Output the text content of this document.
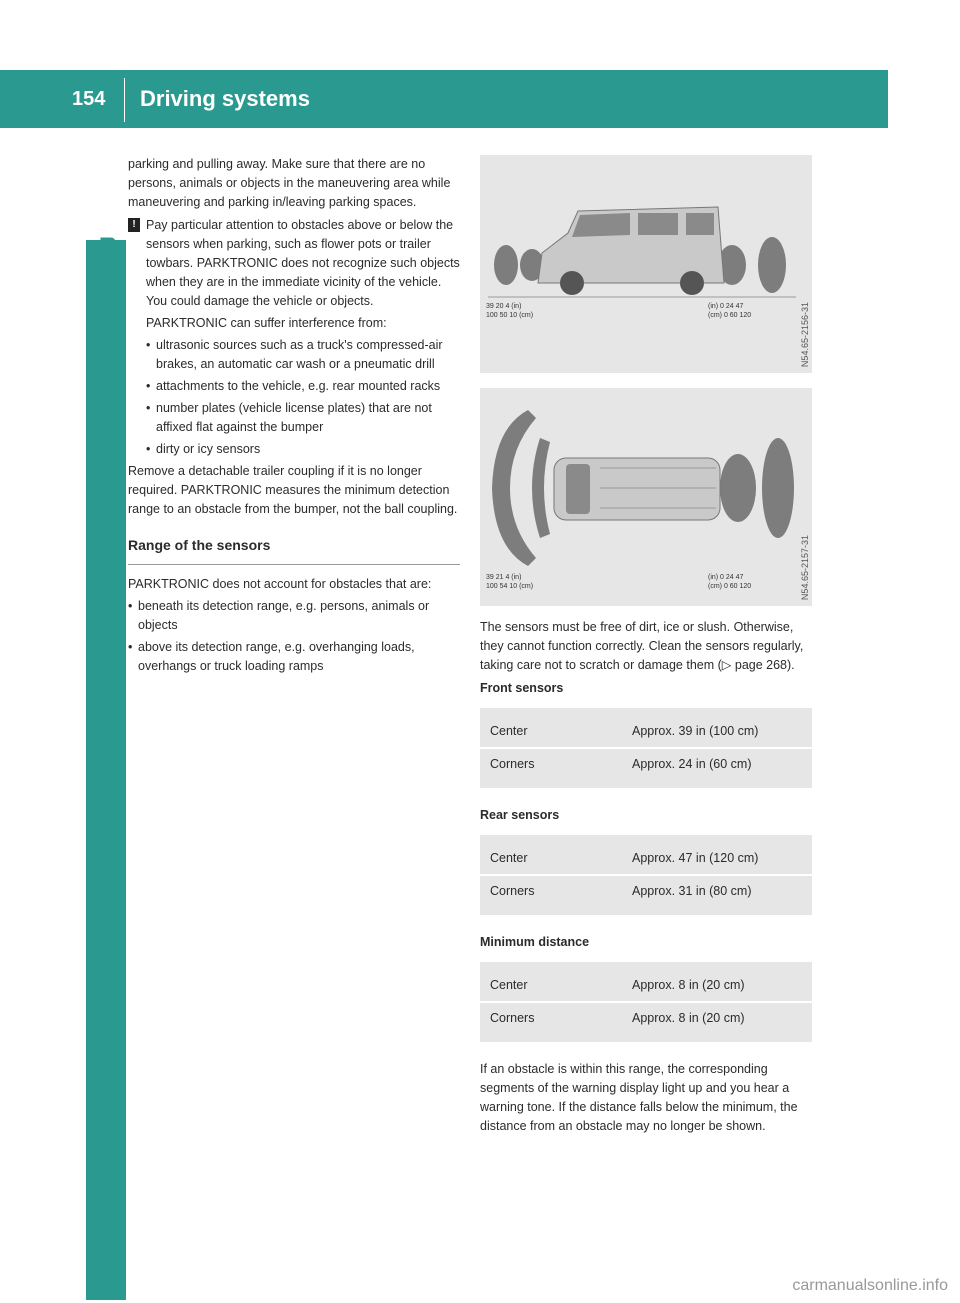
154 Driving systems
Driving and parking

parking and pulling away. Make sure that there are no persons, animals or objects in the maneuvering area while maneuvering and parking in/leaving parking spaces.

! Pay particular attention to obstacles above or below the sensors when parking, such as flower pots or trailer towbars. PARKTRONIC does not recognize such objects when they are in the immediate vicinity of the vehicle. You could damage the vehicle or objects.

PARKTRONIC can suffer interference from:

• ultrasonic sources such as a truck's compressed-air brakes, an automatic car wash or a pneumatic drill
• attachments to the vehicle, e.g. rear mounted racks
• number plates (vehicle license plates) that are not affixed flat against the bumper
• dirty or icy sensors

Remove a detachable trailer coupling if it is no longer required. PARKTRONIC measures the minimum detection range to an obstacle from the bumper, not the ball coupling.

Range of the sensors

PARKTRONIC does not account for obstacles that are:

• beneath its detection range, e.g. persons, animals or objects
• above its detection range, e.g. overhanging loads, overhangs or truck loading ramps
39 20 4 (in)
100 50 10 (cm)
(in) 0 24 47
(cm) 0 60 120	N54.65-2156-31
39 21 4 (in)
100 54 10 (cm)
(in) 0 24 47
(cm) 0 60 120	N54.65-2157-31

The sensors must be free of dirt, ice or slush. Otherwise, they cannot function correctly. Clean the sensors regularly, taking care not to scratch or damage them (▷ page 268).

Front sensors
Center	Approx. 39 in (100 cm)
Corners	Approx. 24 in (60 cm)
Rear sensors
Center	Approx. 47 in (120 cm)
Corners	Approx. 31 in (80 cm)
Minimum distance
Center	Approx. 8 in (20 cm)
Corners	Approx. 8 in (20 cm)

If an obstacle is within this range, the corresponding segments of the warning display light up and you hear a warning tone. If the distance falls below the minimum, the distance from an obstacle may no longer be shown.

carmanualsonline.info
